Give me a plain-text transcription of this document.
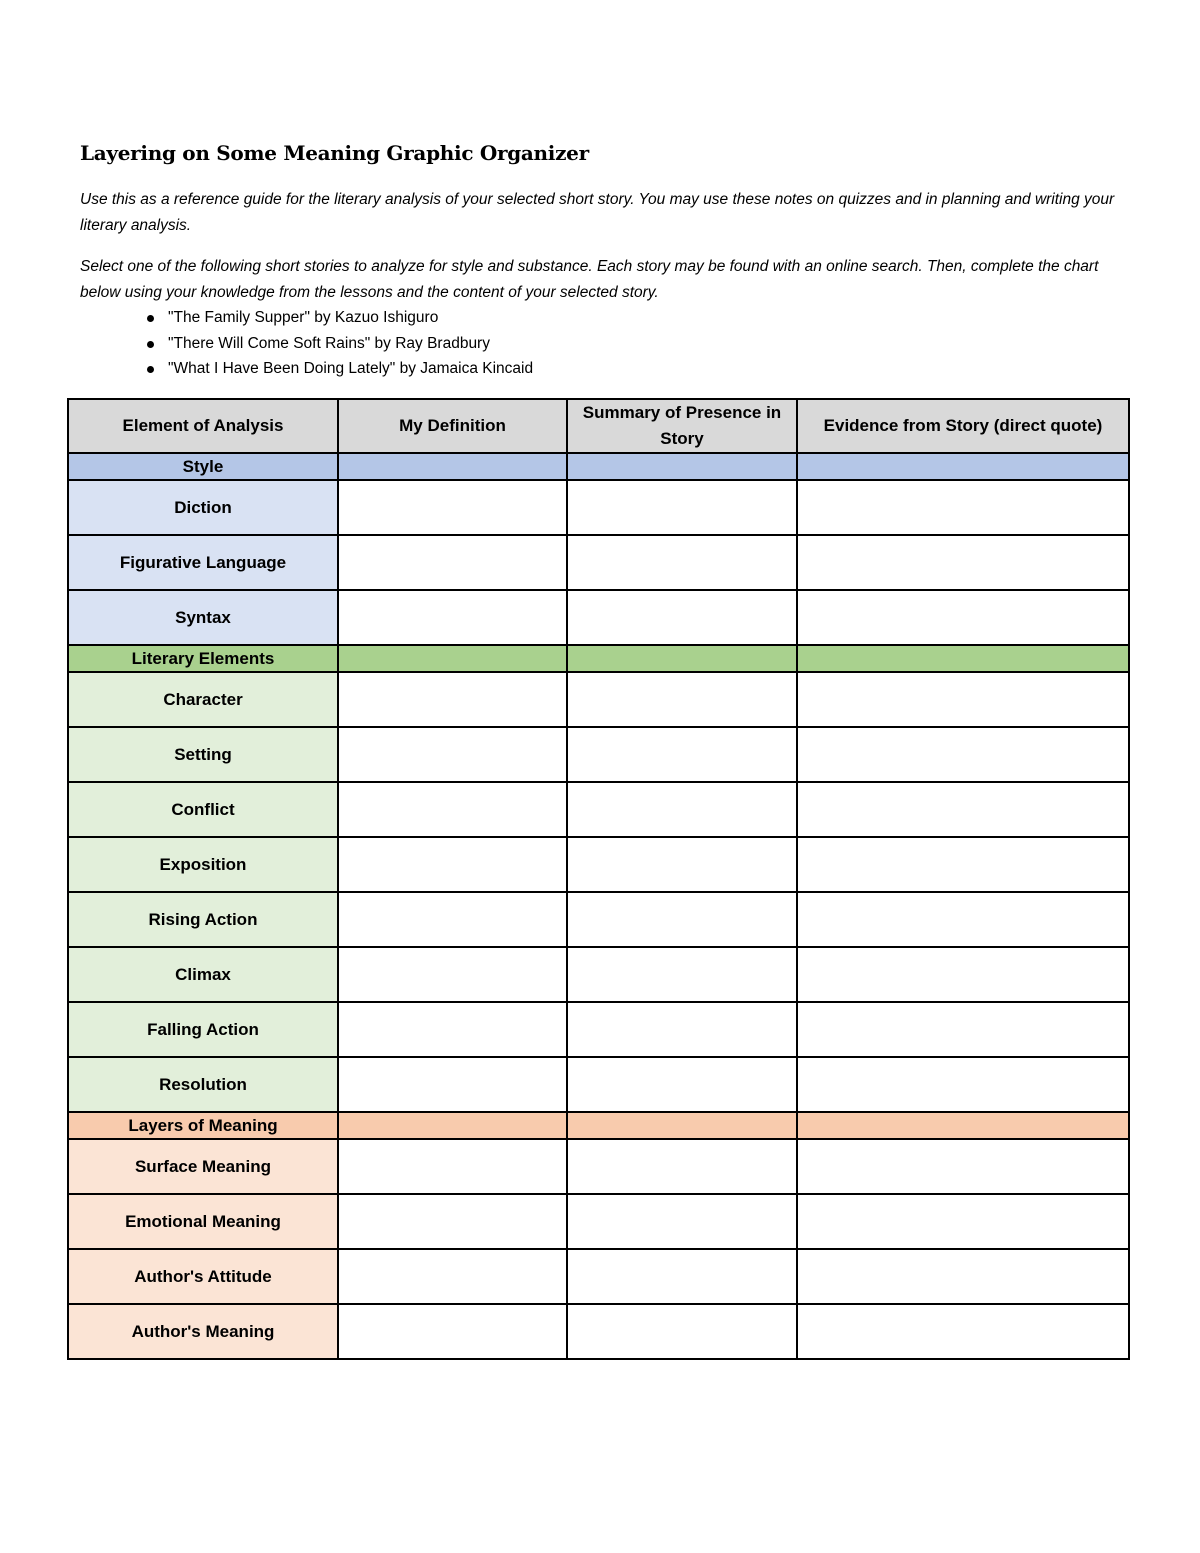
Layering on Some Meaning Graphic Organizer

Use this as a reference guide for the literary analysis of your selected short story. You may use these notes on quizzes and in planning and writing your literary analysis.

Select one of the following short stories to analyze for style and substance. Each story may be found with an online search. Then, complete the chart below using your knowledge from the lessons and the content of your selected story.

"The Family Supper" by Kazuo Ishiguro
"There Will Come Soft Rains" by Ray Bradbury
"What I Have Been Doing Lately" by Jamaica Kincaid
Element of Analysis	My Definition	Summary of Presence in Story	Evidence from Story (direct quote)
Style			
Diction			
Figurative Language			
Syntax			
Literary Elements			
Character			
Setting			
Conflict			
Exposition			
Rising Action			
Climax			
Falling Action			
Resolution			
Layers of Meaning			
Surface Meaning			
Emotional Meaning			
Author's Attitude			
Author's Meaning			
